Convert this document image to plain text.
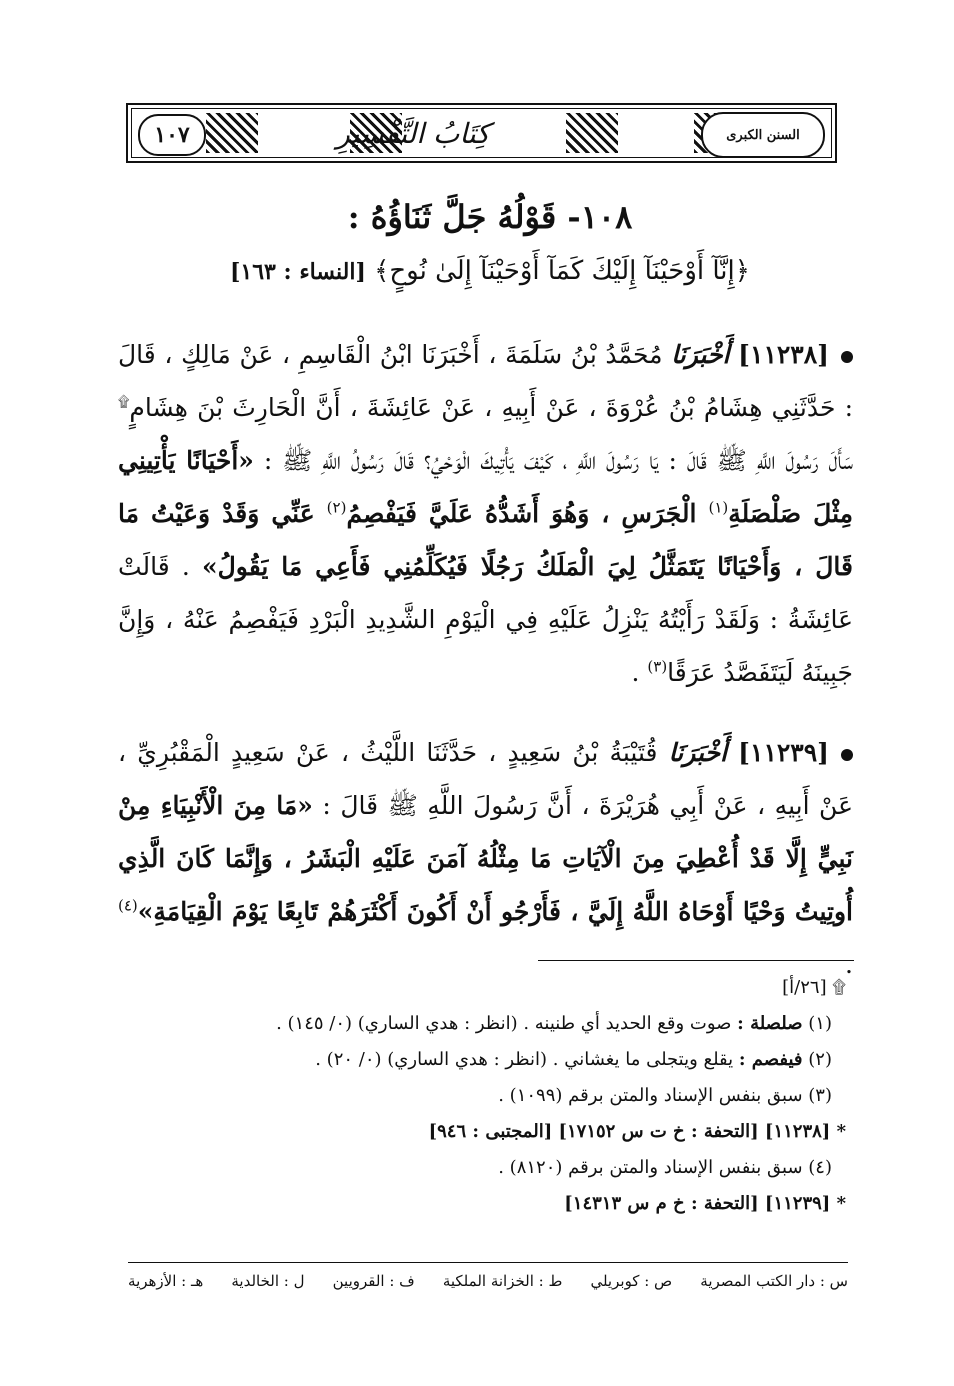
١٠٧	كِتَابُ التَّفْسِيرِ	السنن الكبرى
١٠٨- قَوْلُهُ جَلَّ ثَنَاؤُهُ :
﴿إِنَّآ أَوْحَيْنَآ إِلَيْكَ كَمَآ أَوْحَيْنَآ إِلَىٰ نُوحٍ﴾ [النساء : ١٦٣]
[١١٢٣٨] أَخْبَرَنَا مُحَمَّدُ بْنُ سَلَمَةَ ، أَخْبَرَنَا ابْنُ الْقَاسِمِ ، عَنْ مَالِكٍ ، قَالَ : حَدَّثَنِي هِشَامُ بْنُ عُرْوَةَ ، عَنْ أَبِيهِ ، عَنْ عَائِشَةَ ، أَنَّ الْحَارِثَ بْنَ هِشَامٍ۩ سَأَلَ رَسُولَ اللَّهِ ﷺ قَالَ : يَا رَسُولَ اللَّهِ ، كَيْفَ يَأْتِيكَ الْوَحْيُ؟ قَالَ رَسُولُ اللَّهِ ﷺ : «أَحْيَانًا يَأْتِينِي مِثْلَ صَلْصَلَةِ$^{(١)}$ الْجَرَسِ ، وَهُوَ أَشَدُّهُ عَلَيَّ فَيَفْصِمُ$^{(٢)}$ عَنِّي وَقَدْ وَعَيْتُ مَا قَالَ ، وَأَحْيَانًا يَتَمَثَّلُ لِيَ الْمَلَكُ رَجُلًا فَيُكَلِّمُنِي فَأَعِي مَا يَقُولُ» . قَالَتْ عَائِشَةُ : وَلَقَدْ رَأَيْتُهُ يَنْزِلُ عَلَيْهِ فِي الْيَوْمِ الشَّدِيدِ الْبَرْدِ فَيَفْصِمُ عَنْهُ ، وَإِنَّ جَبِينَهُ لَيَتَفَصَّدُ عَرَقًا$^{(٣)}$ .
[١١٢٣٩] أَخْبَرَنَا قُتَيْبَةُ بْنُ سَعِيدٍ ، حَدَّثَنَا اللَّيْثُ ، عَنْ سَعِيدٍ الْمَقْبُرِيِّ ، عَنْ أَبِيهِ ، عَنْ أَبِي هُرَيْرَةَ ، أَنَّ رَسُولَ اللَّهِ ﷺ قَالَ : «مَا مِنَ الْأَنْبِيَاءِ مِنْ نَبِيٍّ إِلَّا قَدْ أُعْطِيَ مِنَ الْآيَاتِ مَا مِثْلُهُ آمَنَ عَلَيْهِ الْبَشَرُ ، وَإِنَّمَا كَانَ الَّذِي أُوتِيتُ وَحْيًا أَوْحَاهُ اللَّهُ إِلَيَّ ، فَأَرْجُو أَنْ أَكُونَ أَكْثَرَهُمْ تَابِعًا يَوْمَ الْقِيَامَةِ»$^{(٤)}$ .
۩ [٢٦/أ]
(١) صلصلة : صوت وقع الحديد أي طنينه . (انظر : هدي الساري) (٠/ ١٤٥) .
(٢) فيفصم : يقلع ويتجلى ما يغشاني . (انظر : هدي الساري) (٠/ ٢٠) .
(٣) سبق بنفس الإسناد والمتن برقم (١٠٩٩) .
* [١١٢٣٨] [التحفة : خ ت س ١٧١٥٢] [المجتبى : ٩٤٦]
(٤) سبق بنفس الإسناد والمتن برقم (٨١٢٠) .
* [١١٢٣٩] [التحفة : خ م س ١٤٣١٣]
س : دار الكتب المصرية
ص : كوبريلي
ط : الخزانة الملكية
ف : القرويين
ل : الخالدية
هـ : الأزهرية
